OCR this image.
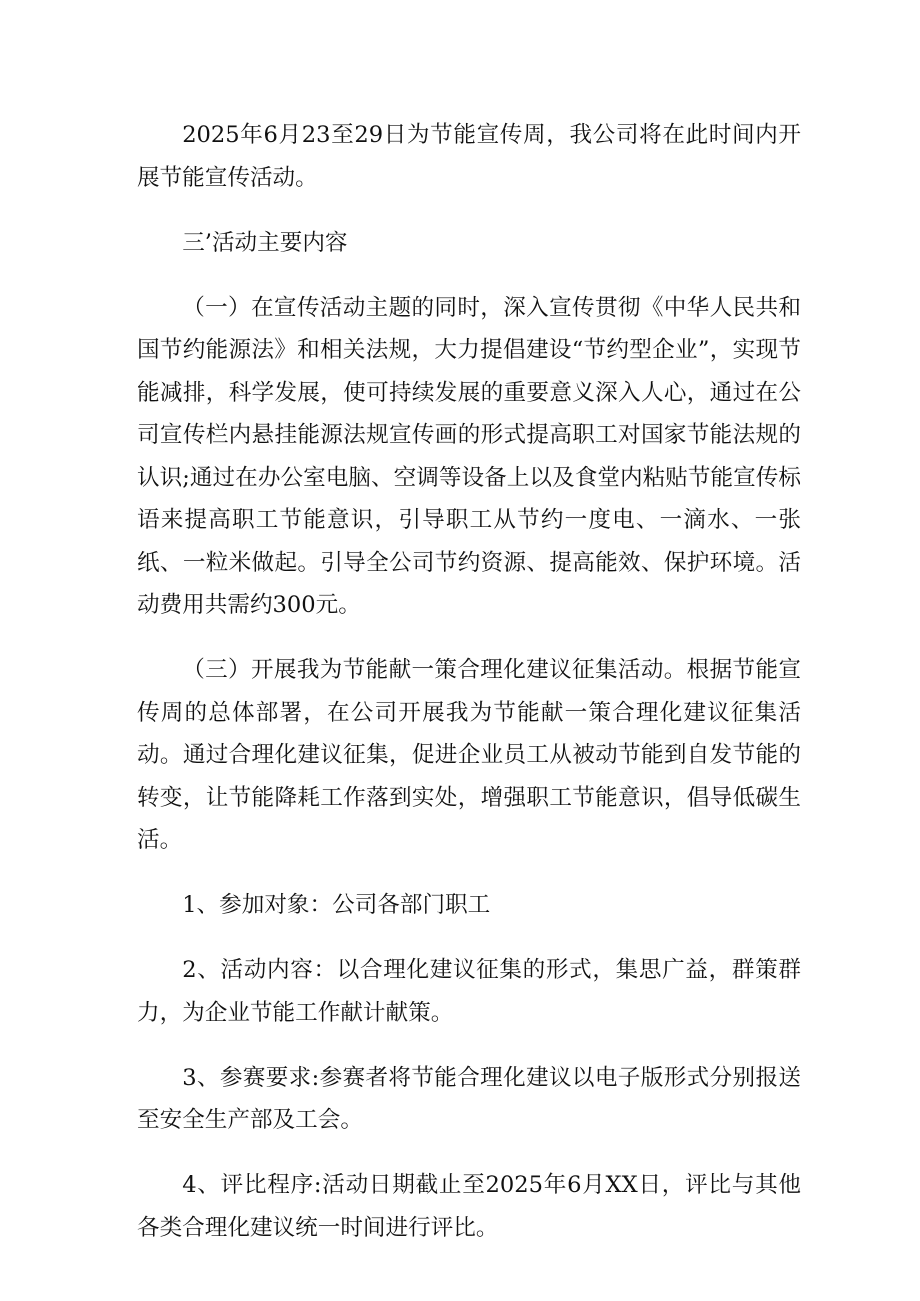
2025年6月23至29日为节能宣传周，我公司将在此时间内开展节能宣传活动。

三’活动主要内容

（一）在宣传活动主题的同时，深入宣传贯彻《中华人民共和国节约能源法》和相关法规，大力提倡建设“节约型企业”，实现节能减排，科学发展，使可持续发展的重要意义深入人心，通过在公司宣传栏内悬挂能源法规宣传画的形式提高职工对国家节能法规的认识;通过在办公室电脑、空调等设备上以及食堂内粘贴节能宣传标语来提高职工节能意识，引导职工从节约一度电、一滴水、一张纸、一粒米做起。引导全公司节约资源、提高能效、保护环境。活动费用共需约300元。

（三）开展我为节能献一策合理化建议征集活动。根据节能宣传周的总体部署，在公司开展我为节能献一策合理化建议征集活动。通过合理化建议征集，促进企业员工从被动节能到自发节能的转变，让节能降耗工作落到实处，增强职工节能意识，倡导低碳生活。

1、参加对象：公司各部门职工

2、活动内容：以合理化建议征集的形式，集思广益，群策群力，为企业节能工作献计献策。

3、参赛要求:参赛者将节能合理化建议以电子版形式分别报送至安全生产部及工会。

4、评比程序:活动日期截止至2025年6月XX日，评比与其他各类合理化建议统一时间进行评比。
